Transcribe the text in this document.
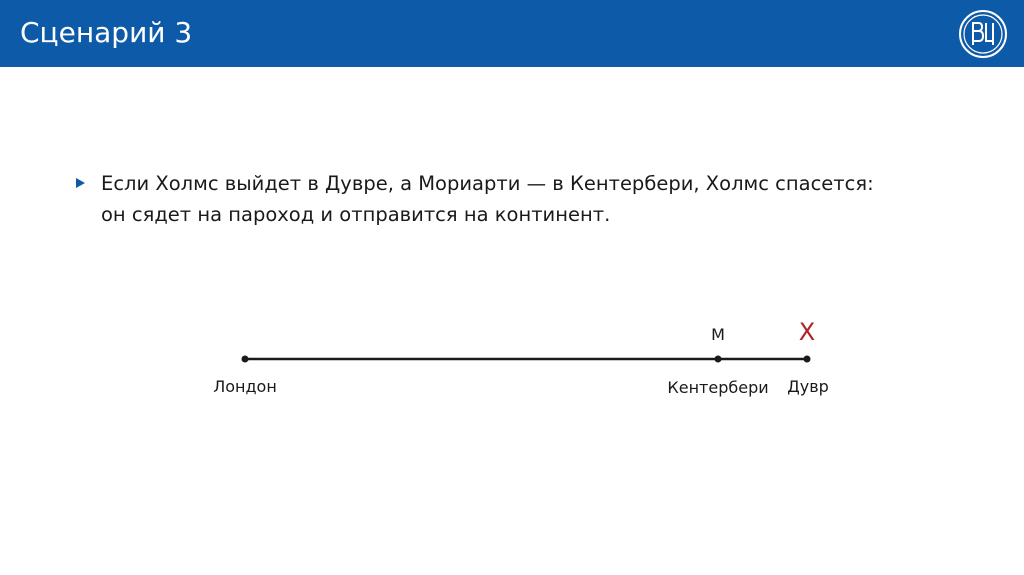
Сценарий 3
Если Холмс выйдет в Дувре, а Мориарти — в Кентербери, Холмс спасется:
он сядет на пароход и отправится на континент.
М	Х
Лондон	Кентербери Дувр
